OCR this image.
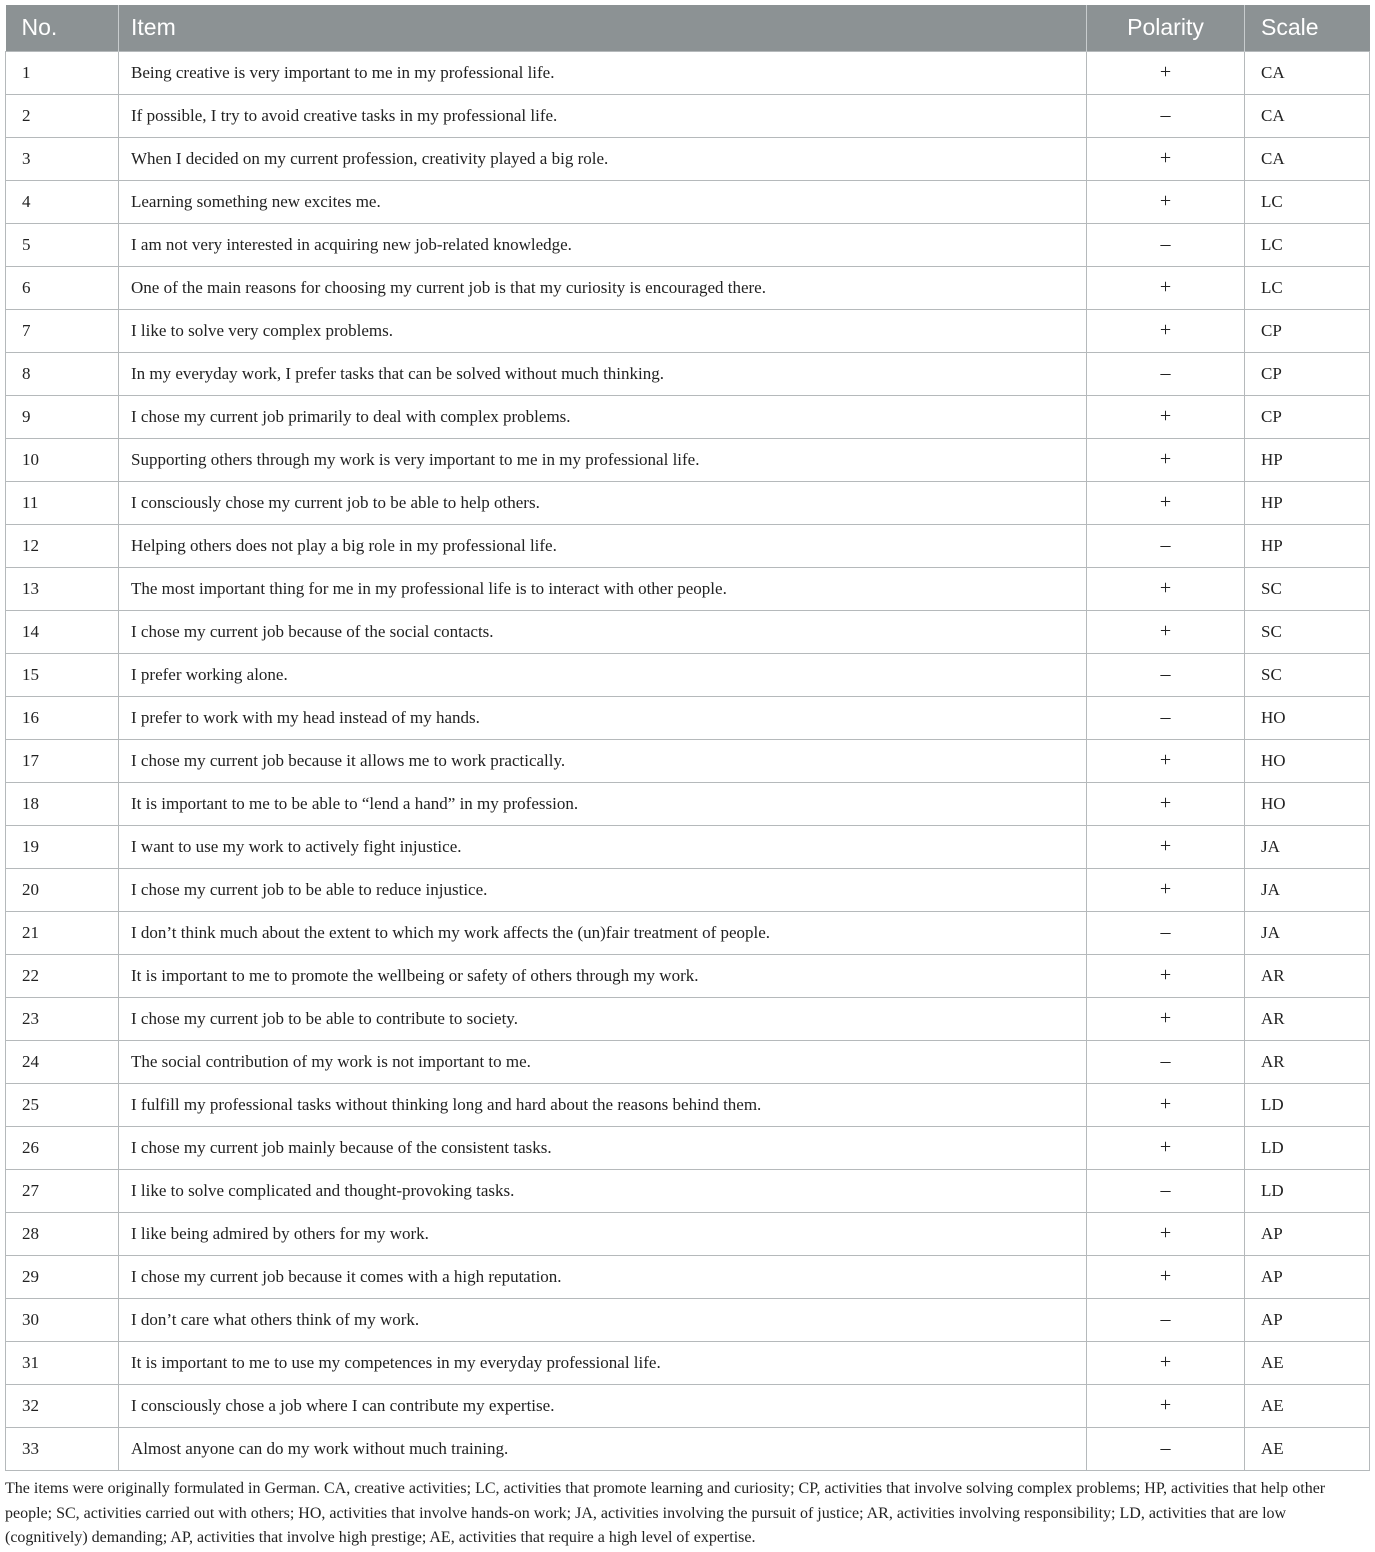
No.	Item	Polarity	Scale
1	Being creative is very important to me in my professional life.	+	CA
2	If possible, I try to avoid creative tasks in my professional life.	–	CA
3	When I decided on my current profession, creativity played a big role.	+	CA
4	Learning something new excites me.	+	LC
5	I am not very interested in acquiring new job-related knowledge.	–	LC
6	One of the main reasons for choosing my current job is that my curiosity is encouraged there.	+	LC
7	I like to solve very complex problems.	+	CP
8	In my everyday work, I prefer tasks that can be solved without much thinking.	–	CP
9	I chose my current job primarily to deal with complex problems.	+	CP
10	Supporting others through my work is very important to me in my professional life.	+	HP
11	I consciously chose my current job to be able to help others.	+	HP
12	Helping others does not play a big role in my professional life.	–	HP
13	The most important thing for me in my professional life is to interact with other people.	+	SC
14	I chose my current job because of the social contacts.	+	SC
15	I prefer working alone.	–	SC
16	I prefer to work with my head instead of my hands.	–	HO
17	I chose my current job because it allows me to work practically.	+	HO
18	It is important to me to be able to “lend a hand” in my profession.	+	HO
19	I want to use my work to actively fight injustice.	+	JA
20	I chose my current job to be able to reduce injustice.	+	JA
21	I don’t think much about the extent to which my work affects the (un)fair treatment of people.	–	JA
22	It is important to me to promote the wellbeing or safety of others through my work.	+	AR
23	I chose my current job to be able to contribute to society.	+	AR
24	The social contribution of my work is not important to me.	–	AR
25	I fulfill my professional tasks without thinking long and hard about the reasons behind them.	+	LD
26	I chose my current job mainly because of the consistent tasks.	+	LD
27	I like to solve complicated and thought-provoking tasks.	–	LD
28	I like being admired by others for my work.	+	AP
29	I chose my current job because it comes with a high reputation.	+	AP
30	I don’t care what others think of my work.	–	AP
31	It is important to me to use my competences in my everyday professional life.	+	AE
32	I consciously chose a job where I can contribute my expertise.	+	AE
33	Almost anyone can do my work without much training.	–	AE

The items were originally formulated in German. CA, creative activities; LC, activities that promote learning and curiosity; CP, activities that involve solving complex problems; HP, activities that help other people; SC, activities carried out with others; HO, activities that involve hands-on work; JA, activities involving the pursuit of justice; AR, activities involving responsibility; LD, activities that are low (cognitively) demanding; AP, activities that involve high prestige; AE, activities that require a high level of expertise.
